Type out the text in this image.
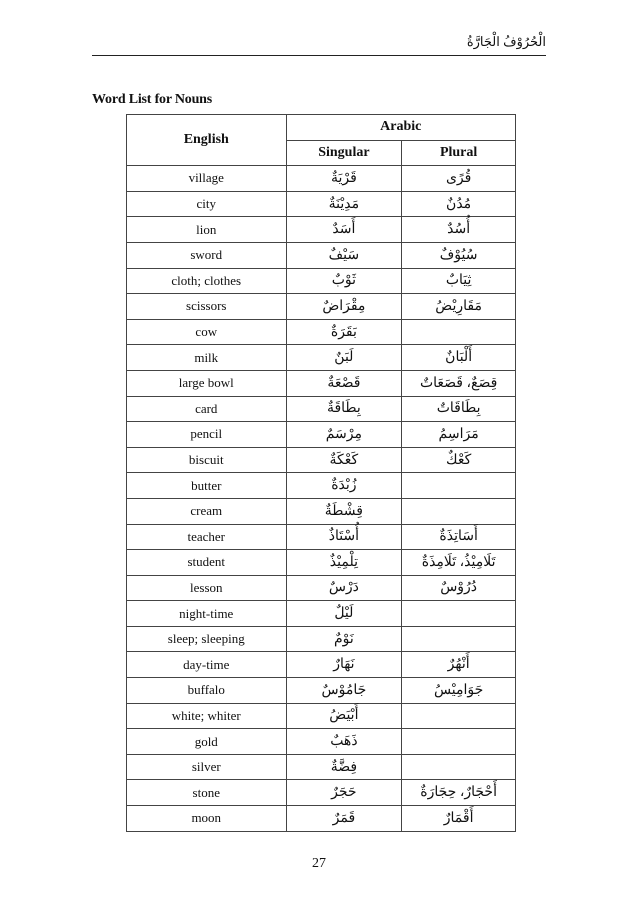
الْحُرُوْفُ الْجَارَّةُ
Word List for Nouns
English	Arabic	
	Singular	Plural
village	قَرْيَةٌ	قُرًى
city	مَدِيْنَةٌ	مُدُنٌ
lion	أَسَدٌ	أُسُدٌ
sword	سَيْفٌ	سُيُوْفٌ
cloth; clothes	ثَوْبٌ	ثِيَابٌ
scissors	مِقْرَاضٌ	مَقَارِيْضُ
cow	بَقَرَةٌ	
milk	لَبَنٌ	أَلْبَانٌ
large bowl	قَصْعَةٌ	قِصَعٌ، قَصَعَاتٌ
card	بِطَاقَةٌ	بِطَاقَاتٌ
pencil	مِرْسَمٌ	مَرَاسِمُ
biscuit	كَعْكَةٌ	كَعْكٌ
butter	زُبْدَةٌ	
cream	قِشْطَةٌ	
teacher	أُسْتَاذٌ	أَسَاتِذَةٌ
student	تِلْمِيْذٌ	تَلَامِيْذُ، تَلَامِذَةٌ
lesson	دَرْسٌ	دُرُوْسٌ
night-time	لَيْلٌ	
sleep; sleeping	نَوْمٌ	
day-time	نَهَارٌ	أَنْهُرٌ
buffalo	جَامُوْسٌ	جَوَامِيْسُ
white; whiter	أَبْيَضُ	
gold	ذَهَبٌ	
silver	فِضَّةٌ	
stone	حَجَرٌ	أَحْجَارٌ، حِجَارَةٌ
moon	قَمَرٌ	أَقْمَارٌ
27
